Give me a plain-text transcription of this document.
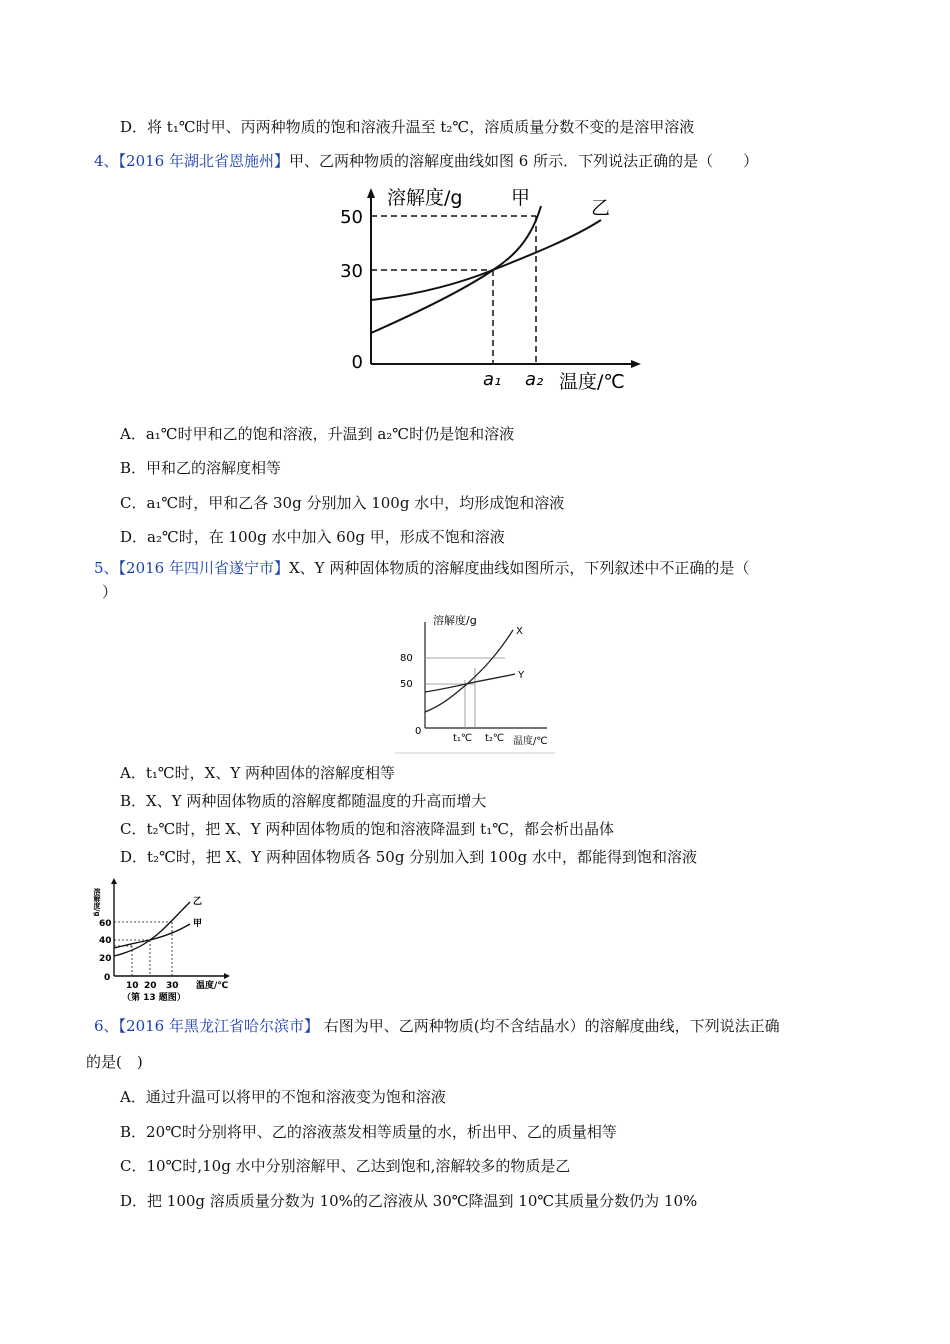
D．将 t₁℃时甲、丙两种物质的饱和溶液升温至 t₂℃，溶质质量分数不变的是溶甲溶液
4、【2016 年湖北省恩施州】甲、乙两种物质的溶解度曲线如图 6 所示．下列说法正确的是（　　）
溶解度/g	甲	乙
50
30
0
a₁ a₂ 温度/℃
A．a₁℃时甲和乙的饱和溶液，升温到 a₂℃时仍是饱和溶液
B．甲和乙的溶解度相等
C．a₁℃时，甲和乙各 30g 分别加入 100g 水中，均形成饱和溶液
D．a₂℃时，在 100g 水中加入 60g 甲，形成不饱和溶液
5、【2016 年四川省遂宁市】X、Y 两种固体物质的溶解度曲线如图所示，下列叙述中不正确的是（
）
溶解度/g
X
Y
80
50
0
t₁℃ t₂℃ 温度/℃
A．t₁℃时，X、Y 两种固体的溶解度相等
B．X、Y 两种固体物质的溶解度都随温度的升高而增大
C．t₂℃时，把 X、Y 两种固体物质的饱和溶液降温到 t₁℃，都会析出晶体
D．t₂℃时，把 X、Y 两种固体物质各 50g 分别加入到 100g 水中，都能得到饱和溶液
溶解度/g	乙
甲
60
40
20
0
10 20 30 温度/℃
（第 13 题图）
6、【2016 年黑龙江省哈尔滨市】 右图为甲、乙两种物质(均不含结晶水）的溶解度曲线，下列说法正确
的是(　)
A．通过升温可以将甲的不饱和溶液变为饱和溶液
B．20℃时分别将甲、乙的溶液蒸发相等质量的水，析出甲、乙的质量相等
C．10℃时,10g 水中分别溶解甲、乙达到饱和,溶解较多的物质是乙
D．把 100g 溶质质量分数为 10%的乙溶液从 30℃降温到 10℃其质量分数仍为 10%
